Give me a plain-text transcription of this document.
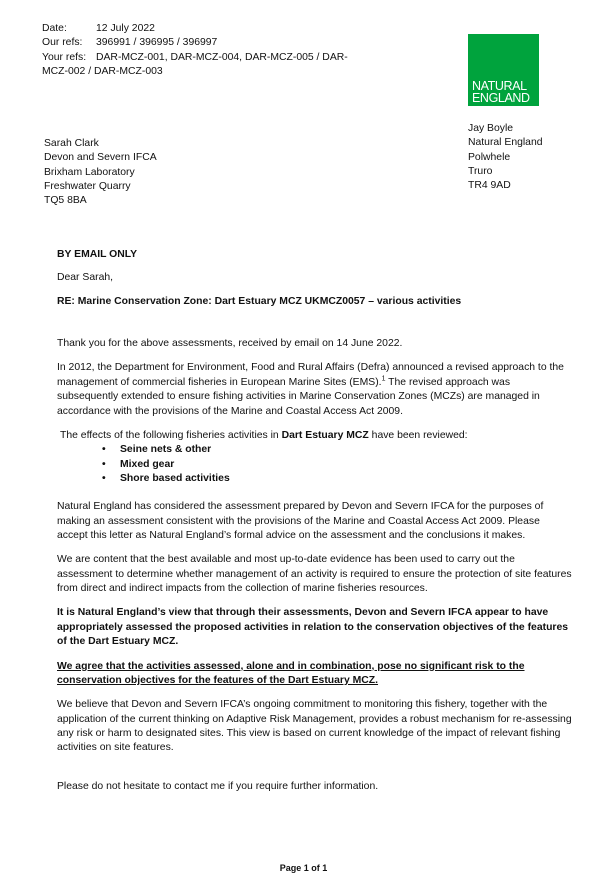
Date:	12 July 2022
Our refs:	396991 / 396995 / 396997
Your refs: DAR-MCZ-001, DAR-MCZ-004, DAR-MCZ-005 / DAR-
MCZ-002 / DAR-MCZ-003
NATURAL
ENGLAND
Jay Boyle
Natural England
Polwhele
Truro
TR4 9AD
Sarah Clark
Devon and Severn IFCA
Brixham Laboratory
Freshwater Quarry
TQ5 8BA

BY EMAIL ONLY

Dear Sarah,

RE: Marine Conservation Zone: Dart Estuary MCZ UKMCZ0057 – various activities

Thank you for the above assessments, received by email on 14 June 2022.

In 2012, the Department for Environment, Food and Rural Affairs (Defra) announced a revised approach to the management of commercial fisheries in European Marine Sites (EMS).$^1$ The revised approach was subsequently extended to ensure fishing activities in Marine Conservation Zones (MCZs) are managed in accordance with the provisions of the Marine and Coastal Access Act 2009.

The effects of the following fisheries activities in Dart Estuary MCZ have been reviewed:

• Seine nets & other
• Mixed gear
• Shore based activities

Natural England has considered the assessment prepared by Devon and Severn IFCA for the purposes of making an assessment consistent with the provisions of the Marine and Coastal Access Act 2009. Please accept this letter as Natural England’s formal advice on the assessment and the conclusions it makes.

We are content that the best available and most up-to-date evidence has been used to carry out the assessment to determine whether management of an activity is required to ensure the protection of site features from direct and indirect impacts from the collection of marine fisheries resources.

It is Natural England’s view that through their assessments, Devon and Severn IFCA appear to have appropriately assessed the proposed activities in relation to the conservation objectives of the features of the Dart Estuary MCZ.

We agree that the activities assessed, alone and in combination, pose no significant risk to the conservation objectives for the features of the Dart Estuary MCZ.

We believe that Devon and Severn IFCA’s ongoing commitment to monitoring this fishery, together with the application of the current thinking on Adaptive Risk Management, provides a robust mechanism for re-assessing any risk or harm to designated sites. This view is based on current knowledge of the impact of relevant fishing activities on site features.

Please do not hesitate to contact me if you require further information.

Page 1 of 1
